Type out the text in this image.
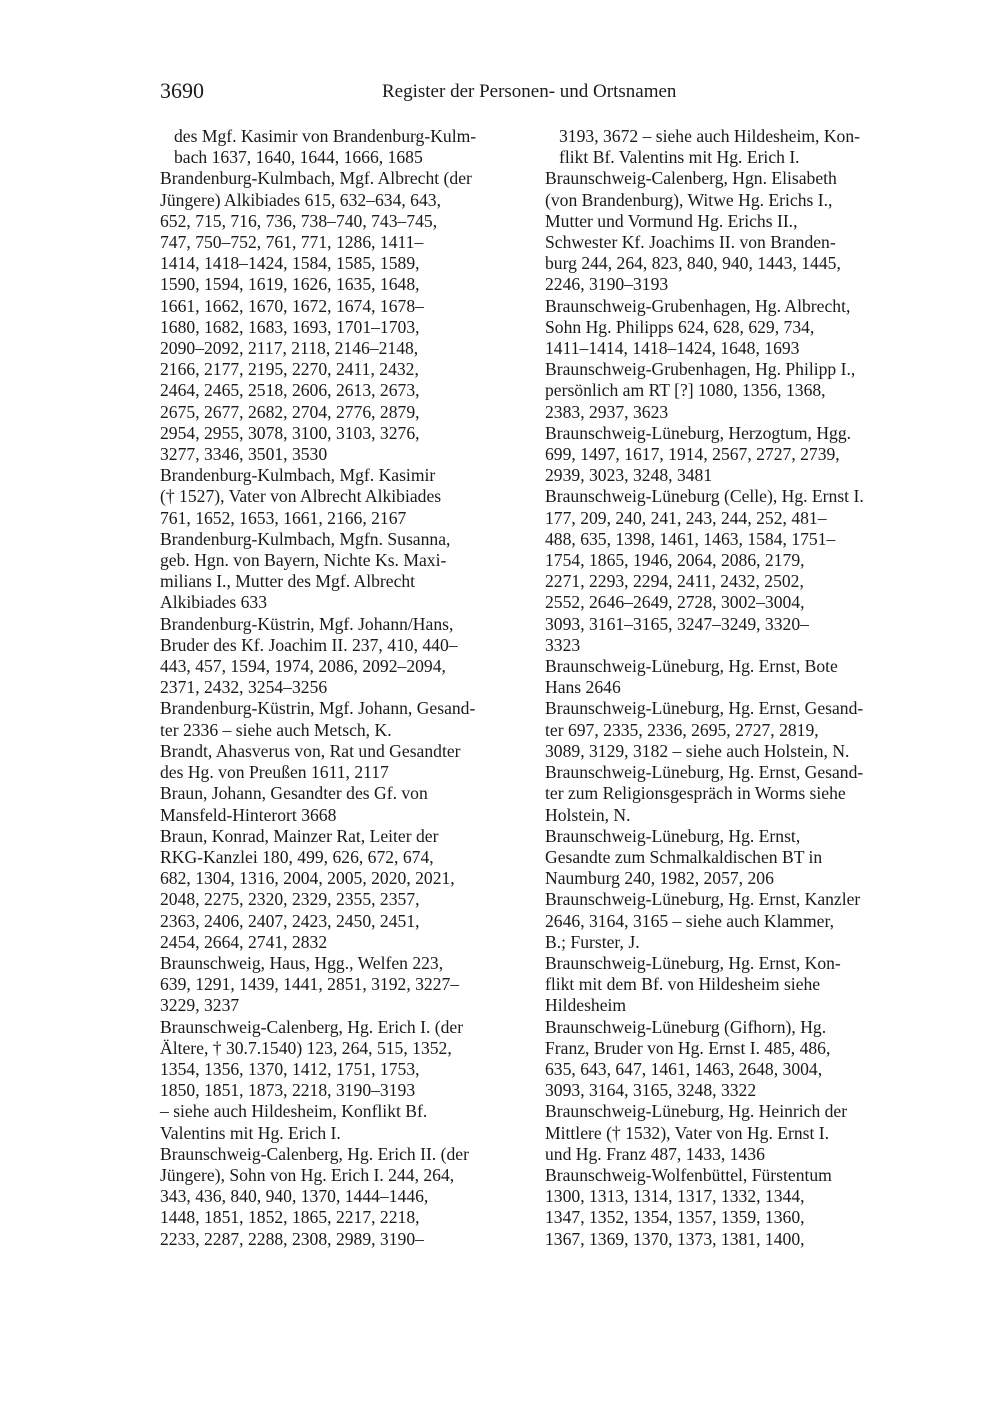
3690	Register der Personen- und Ortsnamen

des Mgf. Kasimir von Brandenburg-Kulm-
bach 1637, 1640, 1644, 1666, 1685

Brandenburg-Kulmbach, Mgf. Albrecht (der
Jüngere) Alkibiades 615, 632–634, 643,
652, 715, 716, 736, 738–740, 743–745,
747, 750–752, 761, 771, 1286, 1411–
1414, 1418–1424, 1584, 1585, 1589,
1590, 1594, 1619, 1626, 1635, 1648,
1661, 1662, 1670, 1672, 1674, 1678–
1680, 1682, 1683, 1693, 1701–1703,
2090–2092, 2117, 2118, 2146–2148,
2166, 2177, 2195, 2270, 2411, 2432,
2464, 2465, 2518, 2606, 2613, 2673,
2675, 2677, 2682, 2704, 2776, 2879,
2954, 2955, 3078, 3100, 3103, 3276,
3277, 3346, 3501, 3530

Brandenburg-Kulmbach, Mgf. Kasimir
(† 1527), Vater von Albrecht Alkibiades
761, 1652, 1653, 1661, 2166, 2167

Brandenburg-Kulmbach, Mgfn. Susanna,
geb. Hgn. von Bayern, Nichte Ks. Maxi-
milians I., Mutter des Mgf. Albrecht
Alkibiades 633

Brandenburg-Küstrin, Mgf. Johann/Hans,
Bruder des Kf. Joachim II. 237, 410, 440–
443, 457, 1594, 1974, 2086, 2092–2094,
2371, 2432, 3254–3256

Brandenburg-Küstrin, Mgf. Johann, Gesand-
ter 2336 – siehe auch Metsch, K.

Brandt, Ahasverus von, Rat und Gesandter
des Hg. von Preußen 1611, 2117

Braun, Johann, Gesandter des Gf. von
Mansfeld-Hinterort 3668

Braun, Konrad, Mainzer Rat, Leiter der
RKG-Kanzlei 180, 499, 626, 672, 674,
682, 1304, 1316, 2004, 2005, 2020, 2021,
2048, 2275, 2320, 2329, 2355, 2357,
2363, 2406, 2407, 2423, 2450, 2451,
2454, 2664, 2741, 2832

Braunschweig, Haus, Hgg., Welfen 223,
639, 1291, 1439, 1441, 2851, 3192, 3227–
3229, 3237

Braunschweig-Calenberg, Hg. Erich I. (der
Ältere, † 30.7.1540) 123, 264, 515, 1352,
1354, 1356, 1370, 1412, 1751, 1753,
1850, 1851, 1873, 2218, 3190–3193
– siehe auch Hildesheim, Konflikt Bf.
Valentins mit Hg. Erich I.

Braunschweig-Calenberg, Hg. Erich II. (der
Jüngere), Sohn von Hg. Erich I. 244, 264,
343, 436, 840, 940, 1370, 1444–1446,
1448, 1851, 1852, 1865, 2217, 2218,
2233, 2287, 2288, 2308, 2989, 3190–

3193, 3672 – siehe auch Hildesheim, Kon-
flikt Bf. Valentins mit Hg. Erich I.

Braunschweig-Calenberg, Hgn. Elisabeth
(von Brandenburg), Witwe Hg. Erichs I.,
Mutter und Vormund Hg. Erichs II.,
Schwester Kf. Joachims II. von Branden-
burg 244, 264, 823, 840, 940, 1443, 1445,
2246, 3190–3193

Braunschweig-Grubenhagen, Hg. Albrecht,
Sohn Hg. Philipps 624, 628, 629, 734,
1411–1414, 1418–1424, 1648, 1693

Braunschweig-Grubenhagen, Hg. Philipp I.,
persönlich am RT [?] 1080, 1356, 1368,
2383, 2937, 3623

Braunschweig-Lüneburg, Herzogtum, Hgg.
699, 1497, 1617, 1914, 2567, 2727, 2739,
2939, 3023, 3248, 3481

Braunschweig-Lüneburg (Celle), Hg. Ernst I.
177, 209, 240, 241, 243, 244, 252, 481–
488, 635, 1398, 1461, 1463, 1584, 1751–
1754, 1865, 1946, 2064, 2086, 2179,
2271, 2293, 2294, 2411, 2432, 2502,
2552, 2646–2649, 2728, 3002–3004,
3093, 3161–3165, 3247–3249, 3320–
3323

Braunschweig-Lüneburg, Hg. Ernst, Bote
Hans 2646

Braunschweig-Lüneburg, Hg. Ernst, Gesand-
ter 697, 2335, 2336, 2695, 2727, 2819,
3089, 3129, 3182 – siehe auch Holstein, N.

Braunschweig-Lüneburg, Hg. Ernst, Gesand-
ter zum Religionsgespräch in Worms siehe
Holstein, N.

Braunschweig-Lüneburg, Hg. Ernst,
Gesandte zum Schmalkaldischen BT in
Naumburg 240, 1982, 2057, 206

Braunschweig-Lüneburg, Hg. Ernst, Kanzler
2646, 3164, 3165 – siehe auch Klammer,
B.; Furster, J.

Braunschweig-Lüneburg, Hg. Ernst, Kon-
flikt mit dem Bf. von Hildesheim siehe
Hildesheim

Braunschweig-Lüneburg (Gifhorn), Hg.
Franz, Bruder von Hg. Ernst I. 485, 486,
635, 643, 647, 1461, 1463, 2648, 3004,
3093, 3164, 3165, 3248, 3322

Braunschweig-Lüneburg, Hg. Heinrich der
Mittlere († 1532), Vater von Hg. Ernst I.
und Hg. Franz 487, 1433, 1436

Braunschweig-Wolfenbüttel, Fürstentum
1300, 1313, 1314, 1317, 1332, 1344,
1347, 1352, 1354, 1357, 1359, 1360,
1367, 1369, 1370, 1373, 1381, 1400,
